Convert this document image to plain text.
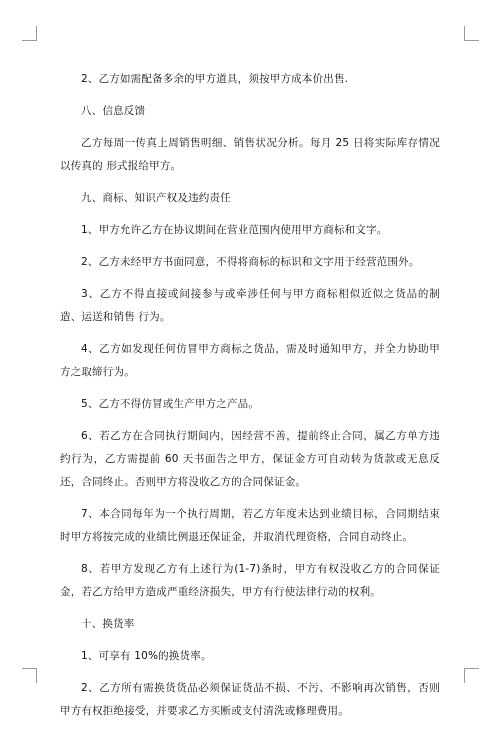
2、乙方如需配备多余的甲方道具，须按甲方成本价出售.

八、信息反馈

乙方每周一传真上周销售明细、销售状况分析。每月 25 日将实际库存情况以传真的 形式报给甲方。

九、商标、知识产权及违约责任

1、甲方允许乙方在协议期间在营业范围内使用甲方商标和文字。

2、乙方未经甲方书面同意，不得将商标的标识和文字用于经营范围外。

3、乙方不得直接或间接参与或牵涉任何与甲方商标相似近似之货品的制造、运送和销售 行为。

4、乙方如发现任何仿冒甲方商标之货品，需及时通知甲方，并全力协助甲方之取缔行为。

5、乙方不得仿冒或生产甲方之产品。

6、若乙方在合同执行期间内，因经营不善，提前终止合同，属乙方单方违约行为，乙方需提前 60 天书面告之甲方，保证金方可自动转为货款或无息反还，合同终止。否则甲方将没收乙方的合同保证金。

7、本合同每年为一个执行周期，若乙方年度未达到业绩目标，合同期结束时甲方将按完成的业绩比例退还保证金，并取消代理资格，合同自动终止。

8、若甲方发现乙方有上述行为(1-7)条时，甲方有权没收乙方的合同保证金，若乙方给甲方造成严重经济损失，甲方有行使法律行动的权利。

十、换货率

1、可享有 10%的换货率。

2、乙方所有需换货货品必须保证货品不损、不污、不影响再次销售，否则甲方有权拒绝接受，并要求乙方买断或支付清洗或修理费用。
